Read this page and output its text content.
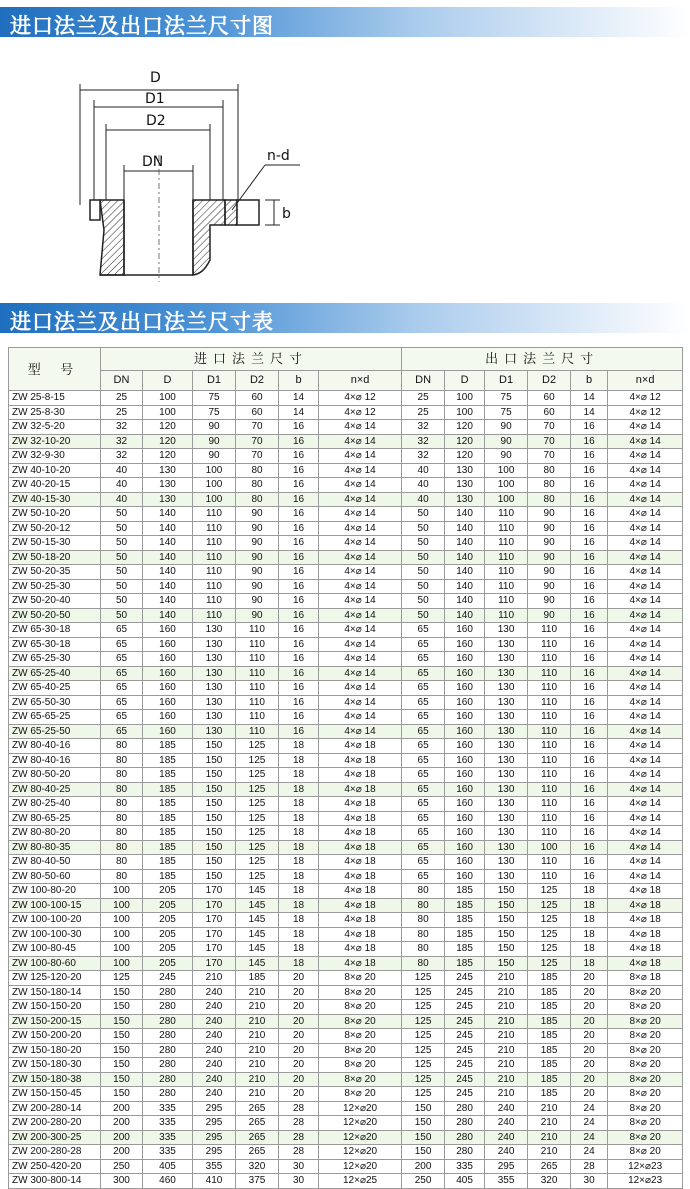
进口法兰及出口法兰尺寸图
D
D1
D2
DN	n-d
b
进口法兰及出口法兰尺寸表
型 号	进口法兰尺寸						出口法兰尺寸					
	DN	D	D1	D2	b	n×d	DN	D	D1	D2	b	n×d
ZW 25-8-15	25	100	75	60	14	4×⌀ 12	25	100	75	60	14	4×⌀ 12
ZW 25-8-30	25	100	75	60	14	4×⌀ 12	25	100	75	60	14	4×⌀ 12
ZW 32-5-20	32	120	90	70	16	4×⌀ 14	32	120	90	70	16	4×⌀ 14
ZW 32-10-20	32	120	90	70	16	4×⌀ 14	32	120	90	70	16	4×⌀ 14
ZW 32-9-30	32	120	90	70	16	4×⌀ 14	32	120	90	70	16	4×⌀ 14
ZW 40-10-20	40	130	100	80	16	4×⌀ 14	40	130	100	80	16	4×⌀ 14
ZW 40-20-15	40	130	100	80	16	4×⌀ 14	40	130	100	80	16	4×⌀ 14
ZW 40-15-30	40	130	100	80	16	4×⌀ 14	40	130	100	80	16	4×⌀ 14
ZW 50-10-20	50	140	110	90	16	4×⌀ 14	50	140	110	90	16	4×⌀ 14
ZW 50-20-12	50	140	110	90	16	4×⌀ 14	50	140	110	90	16	4×⌀ 14
ZW 50-15-30	50	140	110	90	16	4×⌀ 14	50	140	110	90	16	4×⌀ 14
ZW 50-18-20	50	140	110	90	16	4×⌀ 14	50	140	110	90	16	4×⌀ 14
ZW 50-20-35	50	140	110	90	16	4×⌀ 14	50	140	110	90	16	4×⌀ 14
ZW 50-25-30	50	140	110	90	16	4×⌀ 14	50	140	110	90	16	4×⌀ 14
ZW 50-20-40	50	140	110	90	16	4×⌀ 14	50	140	110	90	16	4×⌀ 14
ZW 50-20-50	50	140	110	90	16	4×⌀ 14	50	140	110	90	16	4×⌀ 14
ZW 65-30-18	65	160	130	110	16	4×⌀ 14	65	160	130	110	16	4×⌀ 14
ZW 65-30-18	65	160	130	110	16	4×⌀ 14	65	160	130	110	16	4×⌀ 14
ZW 65-25-30	65	160	130	110	16	4×⌀ 14	65	160	130	110	16	4×⌀ 14
ZW 65-25-40	65	160	130	110	16	4×⌀ 14	65	160	130	110	16	4×⌀ 14
ZW 65-40-25	65	160	130	110	16	4×⌀ 14	65	160	130	110	16	4×⌀ 14
ZW 65-50-30	65	160	130	110	16	4×⌀ 14	65	160	130	110	16	4×⌀ 14
ZW 65-65-25	65	160	130	110	16	4×⌀ 14	65	160	130	110	16	4×⌀ 14
ZW 65-25-50	65	160	130	110	16	4×⌀ 14	65	160	130	110	16	4×⌀ 14
ZW 80-40-16	80	185	150	125	18	4×⌀ 18	65	160	130	110	16	4×⌀ 14
ZW 80-40-16	80	185	150	125	18	4×⌀ 18	65	160	130	110	16	4×⌀ 14
ZW 80-50-20	80	185	150	125	18	4×⌀ 18	65	160	130	110	16	4×⌀ 14
ZW 80-40-25	80	185	150	125	18	4×⌀ 18	65	160	130	110	16	4×⌀ 14
ZW 80-25-40	80	185	150	125	18	4×⌀ 18	65	160	130	110	16	4×⌀ 14
ZW 80-65-25	80	185	150	125	18	4×⌀ 18	65	160	130	110	16	4×⌀ 14
ZW 80-80-20	80	185	150	125	18	4×⌀ 18	65	160	130	110	16	4×⌀ 14
ZW 80-80-35	80	185	150	125	18	4×⌀ 18	65	160	130	100	16	4×⌀ 14
ZW 80-40-50	80	185	150	125	18	4×⌀ 18	65	160	130	110	16	4×⌀ 14
ZW 80-50-60	80	185	150	125	18	4×⌀ 18	65	160	130	110	16	4×⌀ 14
ZW 100-80-20	100	205	170	145	18	4×⌀ 18	80	185	150	125	18	4×⌀ 18
ZW 100-100-15	100	205	170	145	18	4×⌀ 18	80	185	150	125	18	4×⌀ 18
ZW 100-100-20	100	205	170	145	18	4×⌀ 18	80	185	150	125	18	4×⌀ 18
ZW 100-100-30	100	205	170	145	18	4×⌀ 18	80	185	150	125	18	4×⌀ 18
ZW 100-80-45	100	205	170	145	18	4×⌀ 18	80	185	150	125	18	4×⌀ 18
ZW 100-80-60	100	205	170	145	18	4×⌀ 18	80	185	150	125	18	4×⌀ 18
ZW 125-120-20	125	245	210	185	20	8×⌀ 20	125	245	210	185	20	8×⌀ 18
ZW 150-180-14	150	280	240	210	20	8×⌀ 20	125	245	210	185	20	8×⌀ 20
ZW 150-150-20	150	280	240	210	20	8×⌀ 20	125	245	210	185	20	8×⌀ 20
ZW 150-200-15	150	280	240	210	20	8×⌀ 20	125	245	210	185	20	8×⌀ 20
ZW 150-200-20	150	280	240	210	20	8×⌀ 20	125	245	210	185	20	8×⌀ 20
ZW 150-180-20	150	280	240	210	20	8×⌀ 20	125	245	210	185	20	8×⌀ 20
ZW 150-180-30	150	280	240	210	20	8×⌀ 20	125	245	210	185	20	8×⌀ 20
ZW 150-180-38	150	280	240	210	20	8×⌀ 20	125	245	210	185	20	8×⌀ 20
ZW 150-150-45	150	280	240	210	20	8×⌀ 20	125	245	210	185	20	8×⌀ 20
ZW 200-280-14	200	335	295	265	28	12×⌀20	150	280	240	210	24	8×⌀ 20
ZW 200-280-20	200	335	295	265	28	12×⌀20	150	280	240	210	24	8×⌀ 20
ZW 200-300-25	200	335	295	265	28	12×⌀20	150	280	240	210	24	8×⌀ 20
ZW 200-280-28	200	335	295	265	28	12×⌀20	150	280	240	210	24	8×⌀ 20
ZW 250-420-20	250	405	355	320	30	12×⌀20	200	335	295	265	28	12×⌀23
ZW 300-800-14	300	460	410	375	30	12×⌀25	250	405	355	320	30	12×⌀23
